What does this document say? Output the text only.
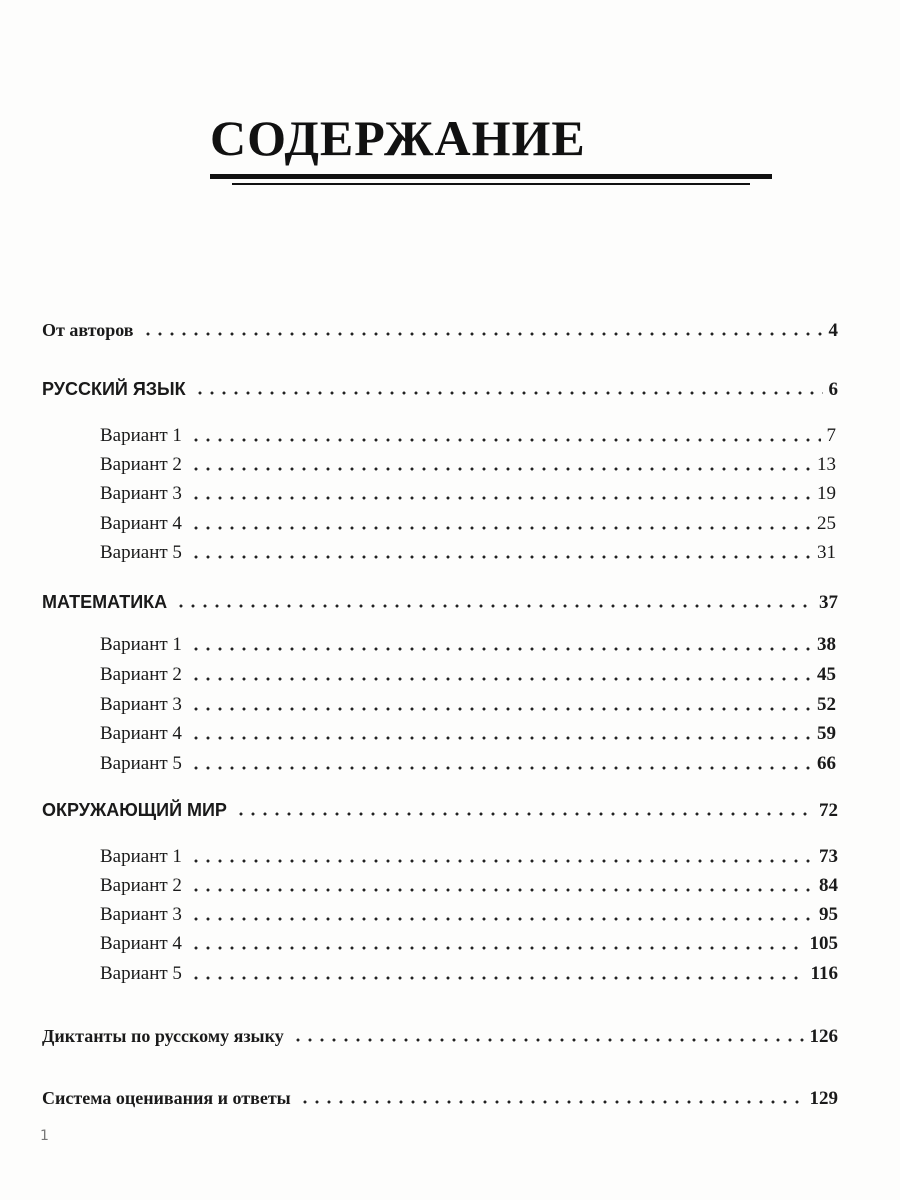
СОДЕРЖАНИЕ
От авторов	4
РУССКИЙ ЯЗЫК	6
Вариант 1	7
Вариант 2	13
Вариант 3	19
Вариант 4	25
Вариант 5	31
МАТЕМАТИКА	37
Вариант 1	38
Вариант 2	45
Вариант 3	52
Вариант 4	59
Вариант 5	66
ОКРУЖАЮЩИЙ МИР	72
Вариант 1	73
Вариант 2	84
Вариант 3	95
Вариант 4	105
Вариант 5	116
Диктанты по русскому языку	126
Система оценивания и ответы	129
1
